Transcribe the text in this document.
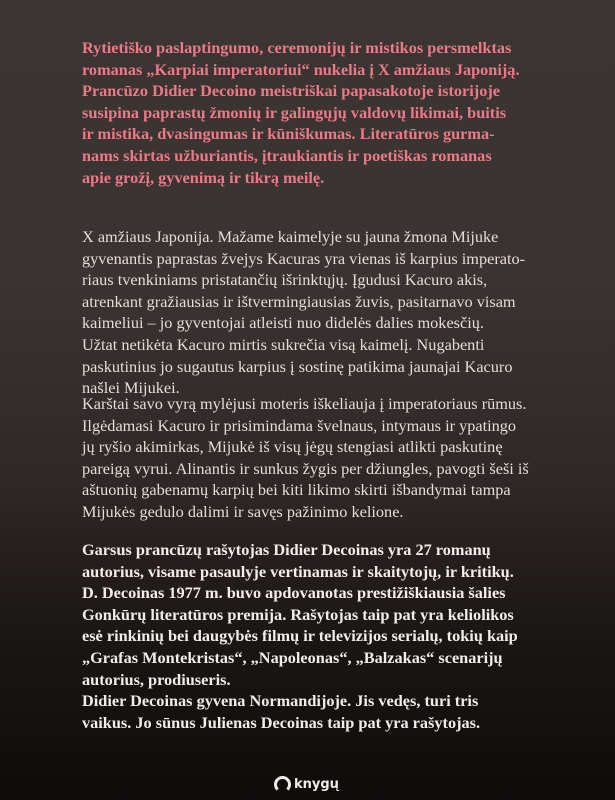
Rytietiško paslaptingumo, ceremonijų ir mistikos persmelktas
romanas „Karpiai imperatoriui“ nukelia į X amžiaus Japoniją.
Prancūzo Didier Decoino meistriškai papasakotoje istorijoje
susipina paprastų žmonių ir galingųjų valdovų likimai, buitis
ir mistika, dvasingumas ir kūniškumas. Literatūros gurma-
nams skirtas užburiantis, įtraukiantis ir poetiškas romanas
apie grožį, gyvenimą ir tikrą meilę.
X amžiaus Japonija. Mažame kaimelyje su jauna žmona Mijuke
gyvenantis paprastas žvejys Kacuras yra vienas iš karpius imperato-
riaus tvenkiniams pristatančių išrinktųjų. Įgudusi Kacuro akis,
atrenkant gražiausias ir ištvermingiausias žuvis, pasitarnavo visam
kaimeliui – jo gyventojai atleisti nuo didelės dalies mokesčių.
Užtat netikėta Kacuro mirtis sukrečia visą kaimelį. Nugabenti
paskutinius jo sugautus karpius į sostinę patikima jaunajai Kacuro
našlei Mijukei.
Karštai savo vyrą mylėjusi moteris iškeliauja į imperatoriaus rūmus.
Ilgėdamasi Kacuro ir prisimindama švelnaus, intymaus ir ypatingo
jų ryšio akimirkas, Mijukė iš visų jėgų stengiasi atlikti paskutinę
pareigą vyrui. Alinantis ir sunkus žygis per džiungles, pavogti šeši iš
aštuonių gabenamų karpių bei kiti likimo skirti išbandymai tampa
Mijukės gedulo dalimi ir savęs pažinimo kelione.
Garsus prancūzų rašytojas Didier Decoinas yra 27 romanų
autorius, visame pasaulyje vertinamas ir skaitytojų, ir kritikų.
D. Decoinas 1977 m. buvo apdovanotas prestižiškiausia šalies
Gonkūrų literatūros premija. Rašytojas taip pat yra keliolikos
esė rinkinių bei daugybės filmų ir televizijos serialų, tokių kaip
„Grafas Montekristas“, „Napoleonas“, „Balzakas“ scenarijų
autorius, prodiuseris.
Didier Decoinas gyvena Normandijoje. Jis vedęs, turi tris
vaikus. Jo sūnus Julienas Decoinas taip pat yra rašytojas.
knygų
